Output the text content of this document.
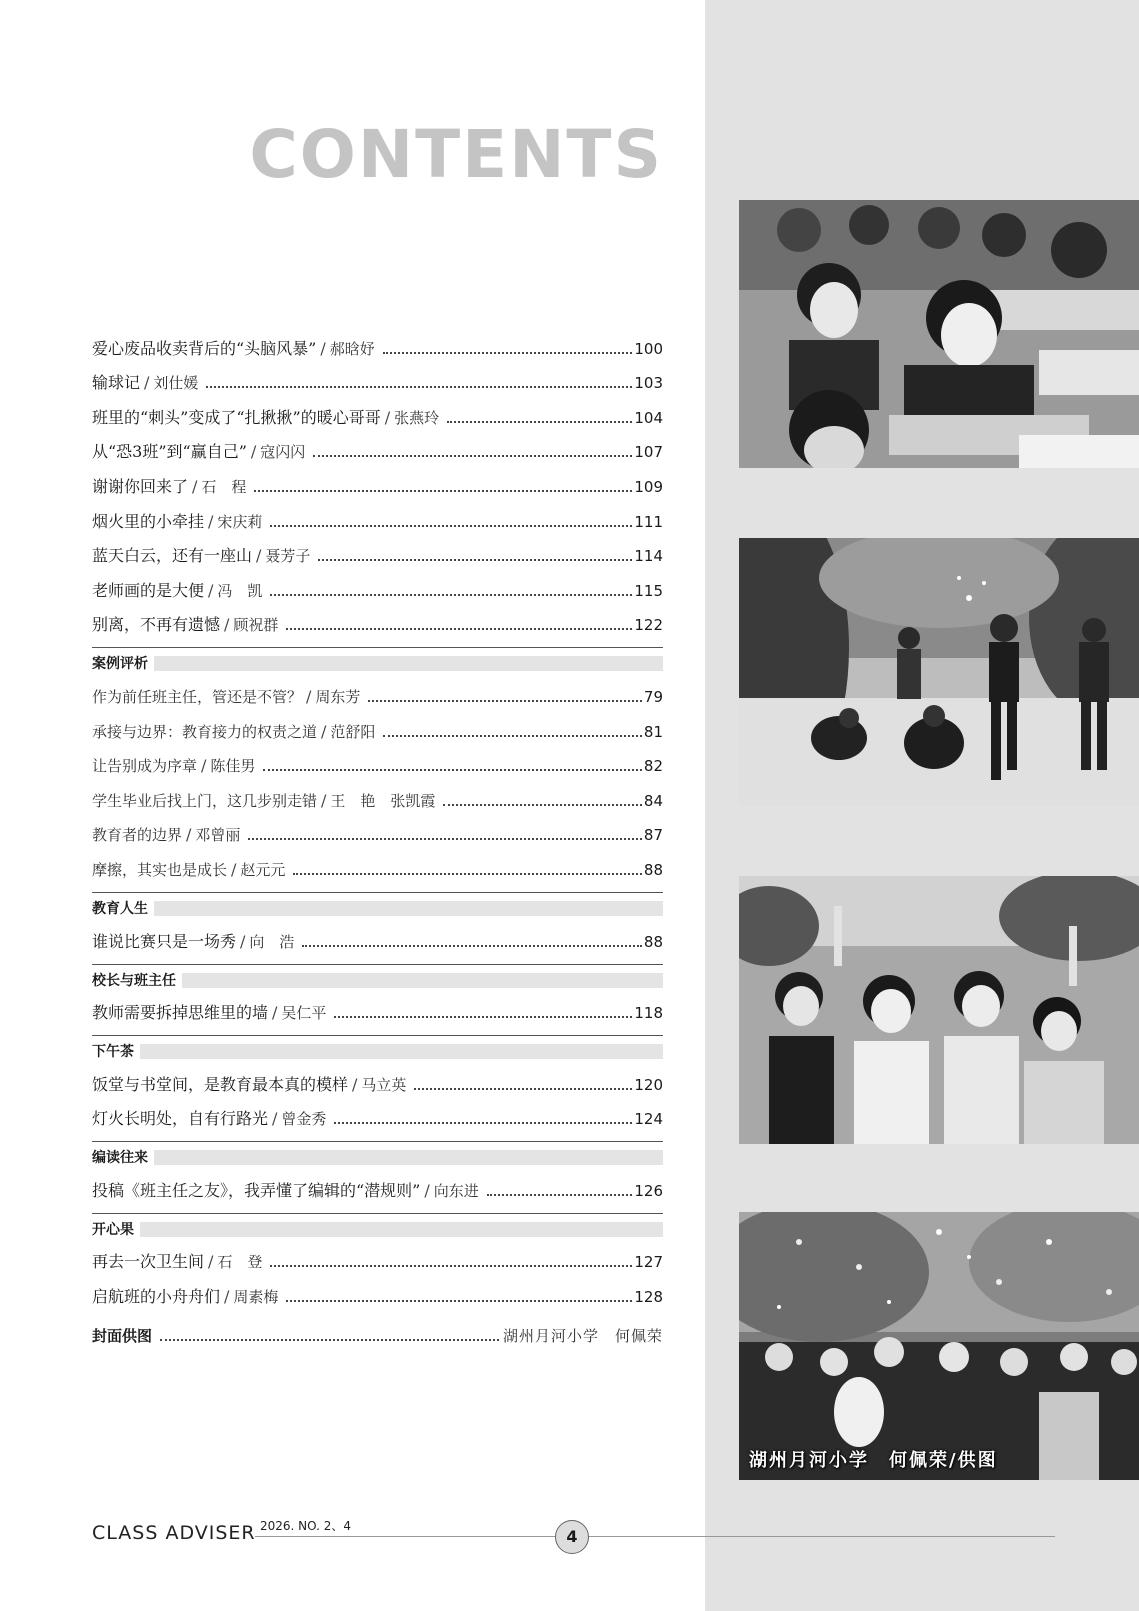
CONTENTS
爱心废品收卖背后的“头脑风暴” / 郝晗妤	100
输球记 / 刘仕媛	103
班里的“刺头”变成了“扎揪揪”的暖心哥哥 / 张燕玲	104
从“恐3班”到“赢自己” / 寇闪闪	107
谢谢你回来了 / 石　程	109
烟火里的小牵挂 / 宋庆莉	111
蓝天白云，还有一座山 / 聂芳子	114
老师画的是大便 / 冯　凯	115
别离，不再有遗憾 / 顾祝群	122
案例评析
作为前任班主任，管还是不管？ / 周东芳	79
承接与边界：教育接力的权责之道 / 范舒阳	81
让告别成为序章 / 陈佳男	82
学生毕业后找上门，这几步别走错 / 王　艳　张凯霞	84
教育者的边界 / 邓曾丽	87
摩擦，其实也是成长 / 赵元元	88
教育人生
谁说比赛只是一场秀 / 向　浩	88
校长与班主任
教师需要拆掉思维里的墙 / 吴仁平	118
下午茶
饭堂与书堂间，是教育最本真的模样 / 马立英	120
灯火长明处，自有行路光 / 曾金秀	124
编读往来
投稿《班主任之友》，我弄懂了编辑的“潜规则” / 向东进	126
开心果
再去一次卫生间 / 石　登	127
启航班的小舟舟们 / 周素梅	128
封面供图	湖州月河小学　何佩荣
湖州月河小学　何佩荣/供图
CLASS ADVISER 2026. NO. 2、4
4
